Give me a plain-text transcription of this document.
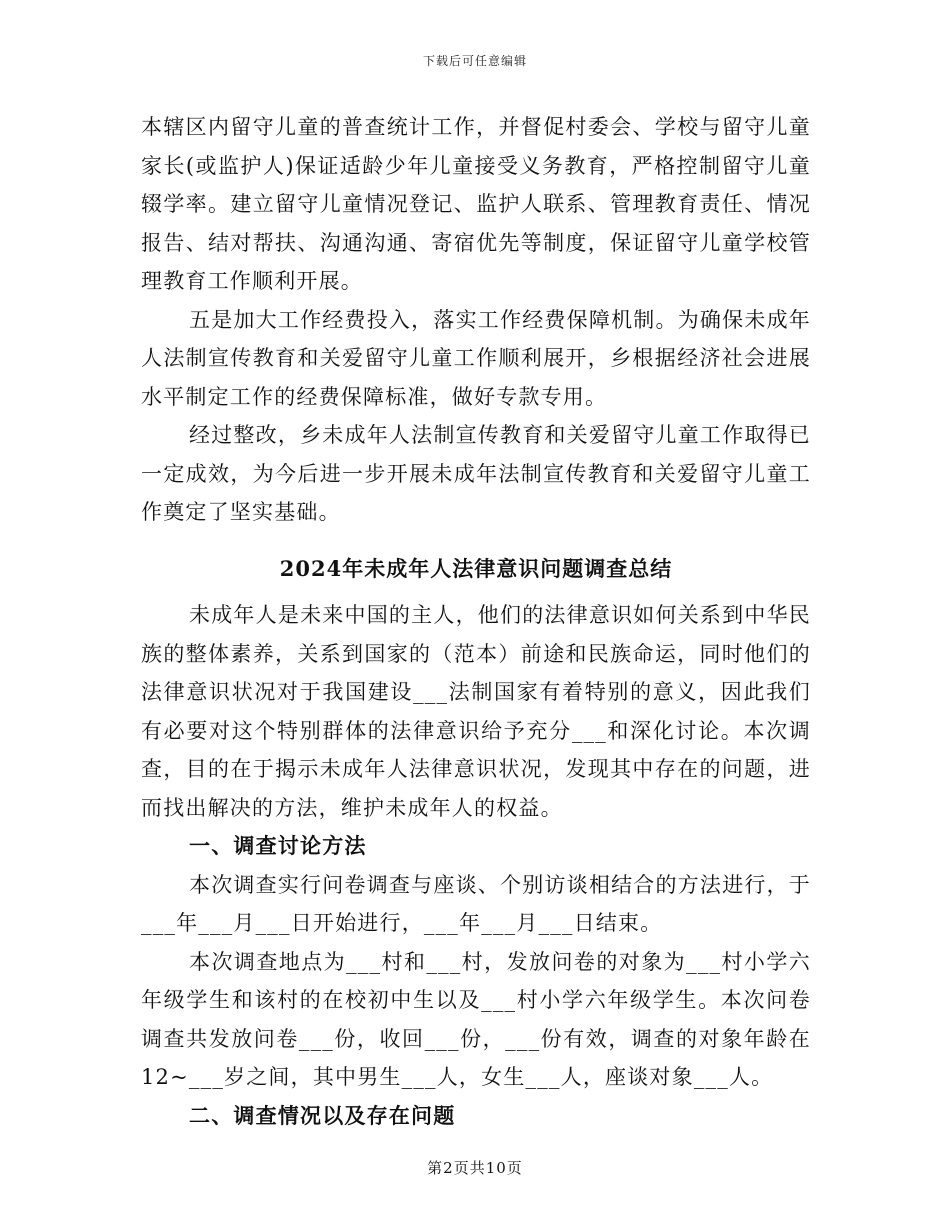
下载后可任意编辑

本辖区内留守儿童的普查统计工作，并督促村委会、学校与留守儿童家长(或监护人)保证适龄少年儿童接受义务教育，严格控制留守儿童辍学率。建立留守儿童情况登记、监护人联系、管理教育责任、情况报告、结对帮扶、沟通沟通、寄宿优先等制度，保证留守儿童学校管理教育工作顺利开展。

五是加大工作经费投入，落实工作经费保障机制。为确保未成年人法制宣传教育和关爱留守儿童工作顺利展开，乡根据经济社会进展水平制定工作的经费保障标准，做好专款专用。

经过整改，乡未成年人法制宣传教育和关爱留守儿童工作取得已一定成效，为今后进一步开展未成年法制宣传教育和关爱留守儿童工作奠定了坚实基础。

2024年未成年人法律意识问题调查总结

未成年人是未来中国的主人，他们的法律意识如何关系到中华民族的整体素养，关系到国家的（范本）前途和民族命运，同时他们的法律意识状况对于我国建设___法制国家有着特别的意义，因此我们有必要对这个特别群体的法律意识给予充分___和深化讨论。本次调查，目的在于揭示未成年人法律意识状况，发现其中存在的问题，进而找出解决的方法，维护未成年人的权益。

一、调查讨论方法

本次调查实行问卷调查与座谈、个别访谈相结合的方法进行，于___年___月___日开始进行，___年___月___日结束。

本次调查地点为___村和___村，发放问卷的对象为___村小学六年级学生和该村的在校初中生以及___村小学六年级学生。本次问卷调查共发放问卷___份，收回___份，___份有效，调查的对象年龄在12~___岁之间，其中男生___人，女生___人，座谈对象___人。

二、调查情况以及存在问题

第2页共10页
